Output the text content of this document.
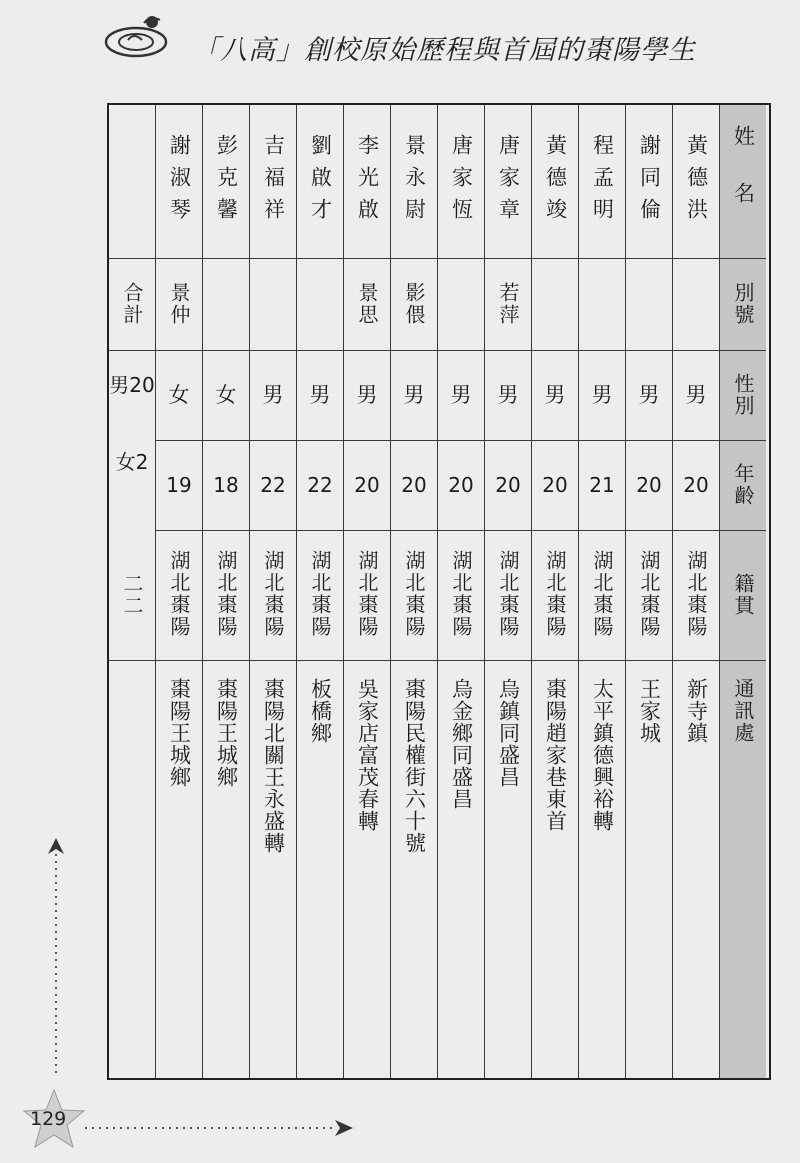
「八高」創校原始歷程與首屆的棗陽學生
合計
男20
女2
二二
謝淑琴
景仲
女
19
湖北棗陽
棗陽王城鄉
彭克馨
女
18
湖北棗陽
棗陽王城鄉
吉福祥
男
22
湖北棗陽
棗陽北關王永盛轉
劉啟才
男
22
湖北棗陽
板橋鄉
李光啟
景思
男
20
湖北棗陽
吳家店富茂春轉
景永尉
影偎
男
20
湖北棗陽
棗陽民權街六十號
唐家恆
男
20
湖北棗陽
烏金鄉同盛昌
唐家章
若萍
男
20
湖北棗陽
烏鎮同盛昌
黃德竣
男
20
湖北棗陽
棗陽趙家巷東首
程孟明
男
21
湖北棗陽
太平鎮德興裕轉
謝同倫
男
20
湖北棗陽
王家城
黃德洪
男
20
湖北棗陽
新寺鎮
姓名
別號
性別
年齡
籍貫
通訊處
129
